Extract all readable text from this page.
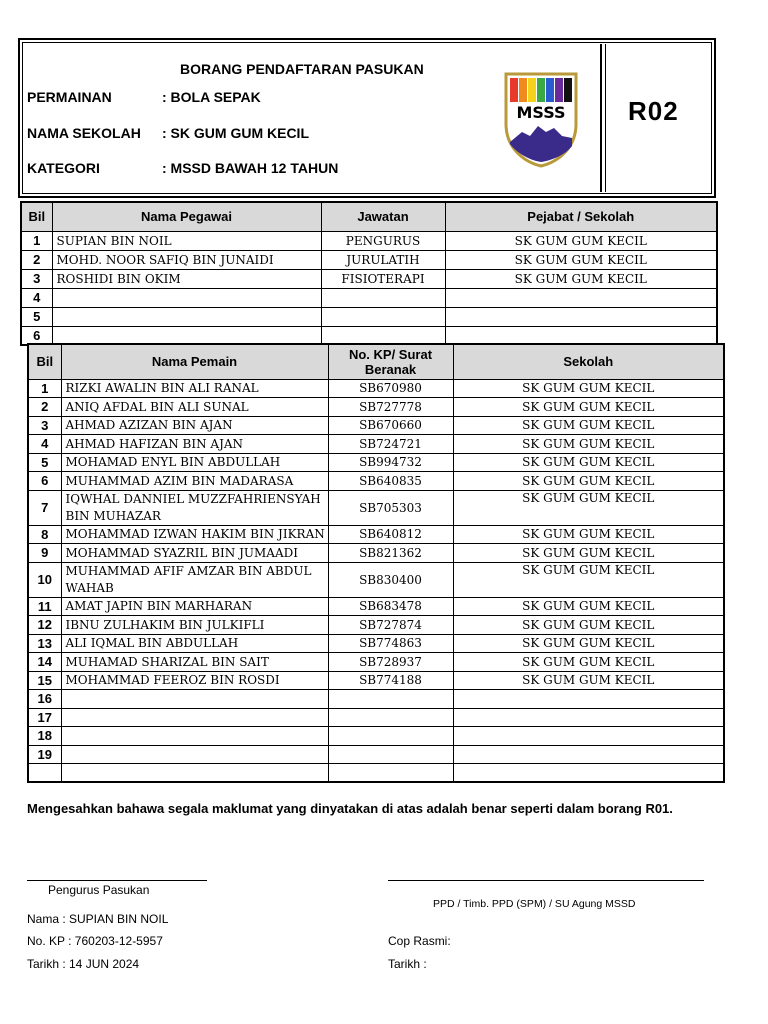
BORANG PENDAFTARAN PASUKAN
PERMAINAN	: BOLA SEPAK
NAMA SEKOLAH : SK GUM GUM KECIL
KATEGORI	: MSSD BAWAH 12 TAHUN
MSSS R02
Bil	Nama Pegawai	Jawatan	Pejabat / Sekolah
1	SUPIAN BIN NOIL	PENGURUS	SK GUM GUM KECIL
2	MOHD. NOOR SAFIQ BIN JUNAIDI	JURULATIH	SK GUM GUM KECIL
3	ROSHIDI BIN OKIM	FISIOTERAPI	SK GUM GUM KECIL
4			
5			
6			
Bil	Nama Pemain	No. KP/ Surat Beranak	Sekolah
1	RIZKI AWALIN BIN ALI RANAL	SB670980	SK GUM GUM KECIL
2	ANIQ AFDAL BIN ALI SUNAL	SB727778	SK GUM GUM KECIL
3	AHMAD AZIZAN BIN AJAN	SB670660	SK GUM GUM KECIL
4	AHMAD HAFIZAN BIN AJAN	SB724721	SK GUM GUM KECIL
5	MOHAMAD ENYL BIN ABDULLAH	SB994732	SK GUM GUM KECIL
6	MUHAMMAD AZIM BIN MADARASA	SB640835	SK GUM GUM KECIL
7	IQWHAL DANNIEL MUZZFAHRIENSYAH BIN MUHAZAR	SB705303	SK GUM GUM KECIL
8	MOHAMMAD IZWAN HAKIM BIN JIKRAN	SB640812	SK GUM GUM KECIL
9	MOHAMMAD SYAZRIL BIN JUMAADI	SB821362	SK GUM GUM KECIL
10	MUHAMMAD AFIF AMZAR BIN ABDUL WAHAB	SB830400	SK GUM GUM KECIL
11	AMAT JAPIN BIN MARHARAN	SB683478	SK GUM GUM KECIL
12	IBNU ZULHAKIM BIN JULKIFLI	SB727874	SK GUM GUM KECIL
13	ALI IQMAL BIN ABDULLAH	SB774863	SK GUM GUM KECIL
14	MUHAMAD SHARIZAL BIN SAIT	SB728937	SK GUM GUM KECIL
15	MOHAMMAD FEEROZ BIN ROSDI	SB774188	SK GUM GUM KECIL
16			
17			
18			
19			

Mengesahkan bahawa segala maklumat yang dinyatakan di atas adalah benar seperti dalam borang R01.
Pengurus Pasukan
Nama : SUPIAN BIN NOIL
No. KP : 760203-12-5957
Tarikh : 14 JUN 2024
PPD / Timb. PPD (SPM) / SU Agung MSSD
Cop Rasmi:
Tarikh :
